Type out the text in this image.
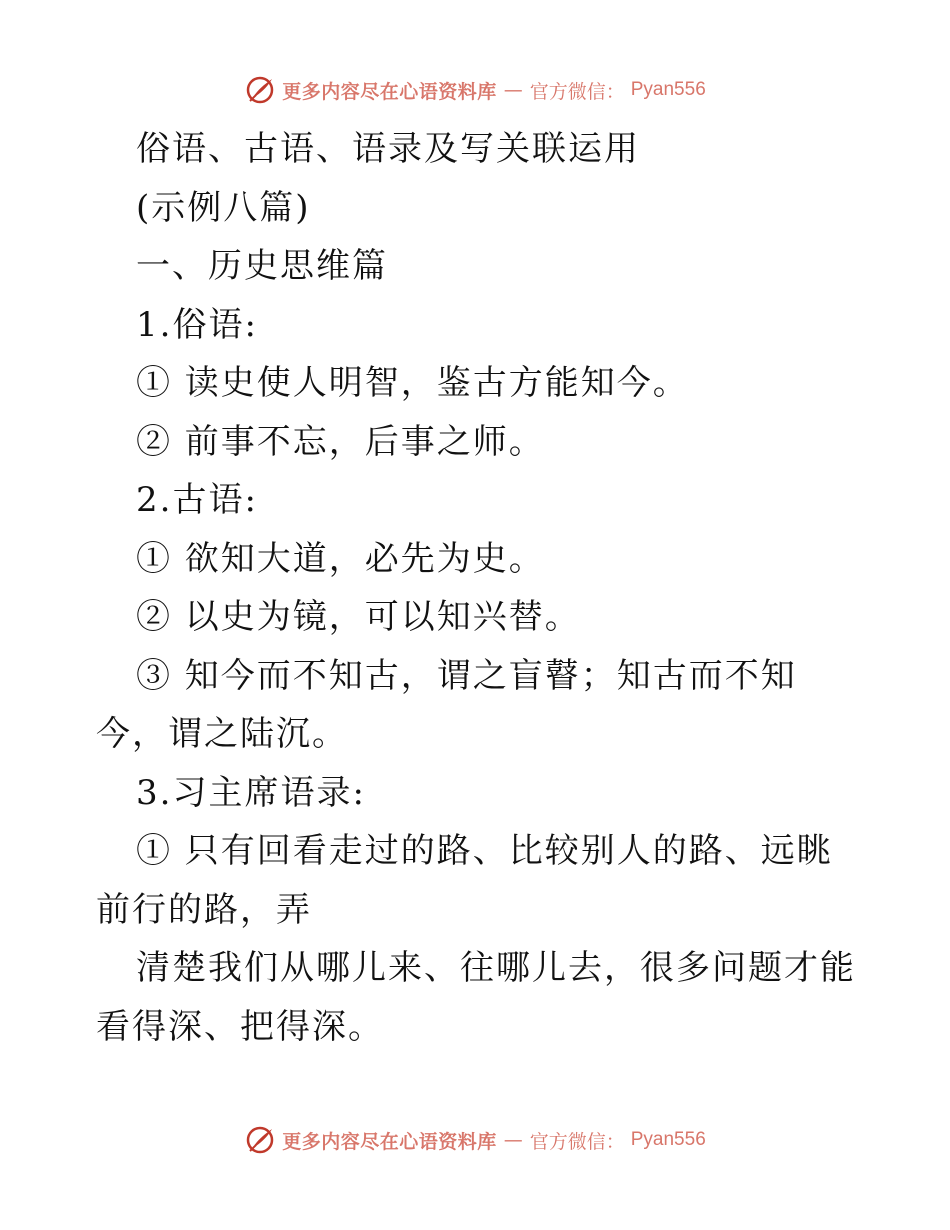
更多内容尽在心语资料库 — 官方微信： Pyan556
俗语、古语、语录及写关联运用
(示例八篇)
一、历史思维篇
1.俗语:
① 读史使人明智，鉴古方能知今。
② 前事不忘，后事之师。
2.古语:
① 欲知大道，必先为史。
② 以史为镜，可以知兴替。
③ 知今而不知古，谓之盲瞽；知古而不知今，谓之陆沉。
3.习主席语录:
① 只有回看走过的路、比较别人的路、远眺前行的路，弄
清楚我们从哪儿来、往哪儿去，很多问题才能看得深、把得深。
更多内容尽在心语资料库 — 官方微信： Pyan556
